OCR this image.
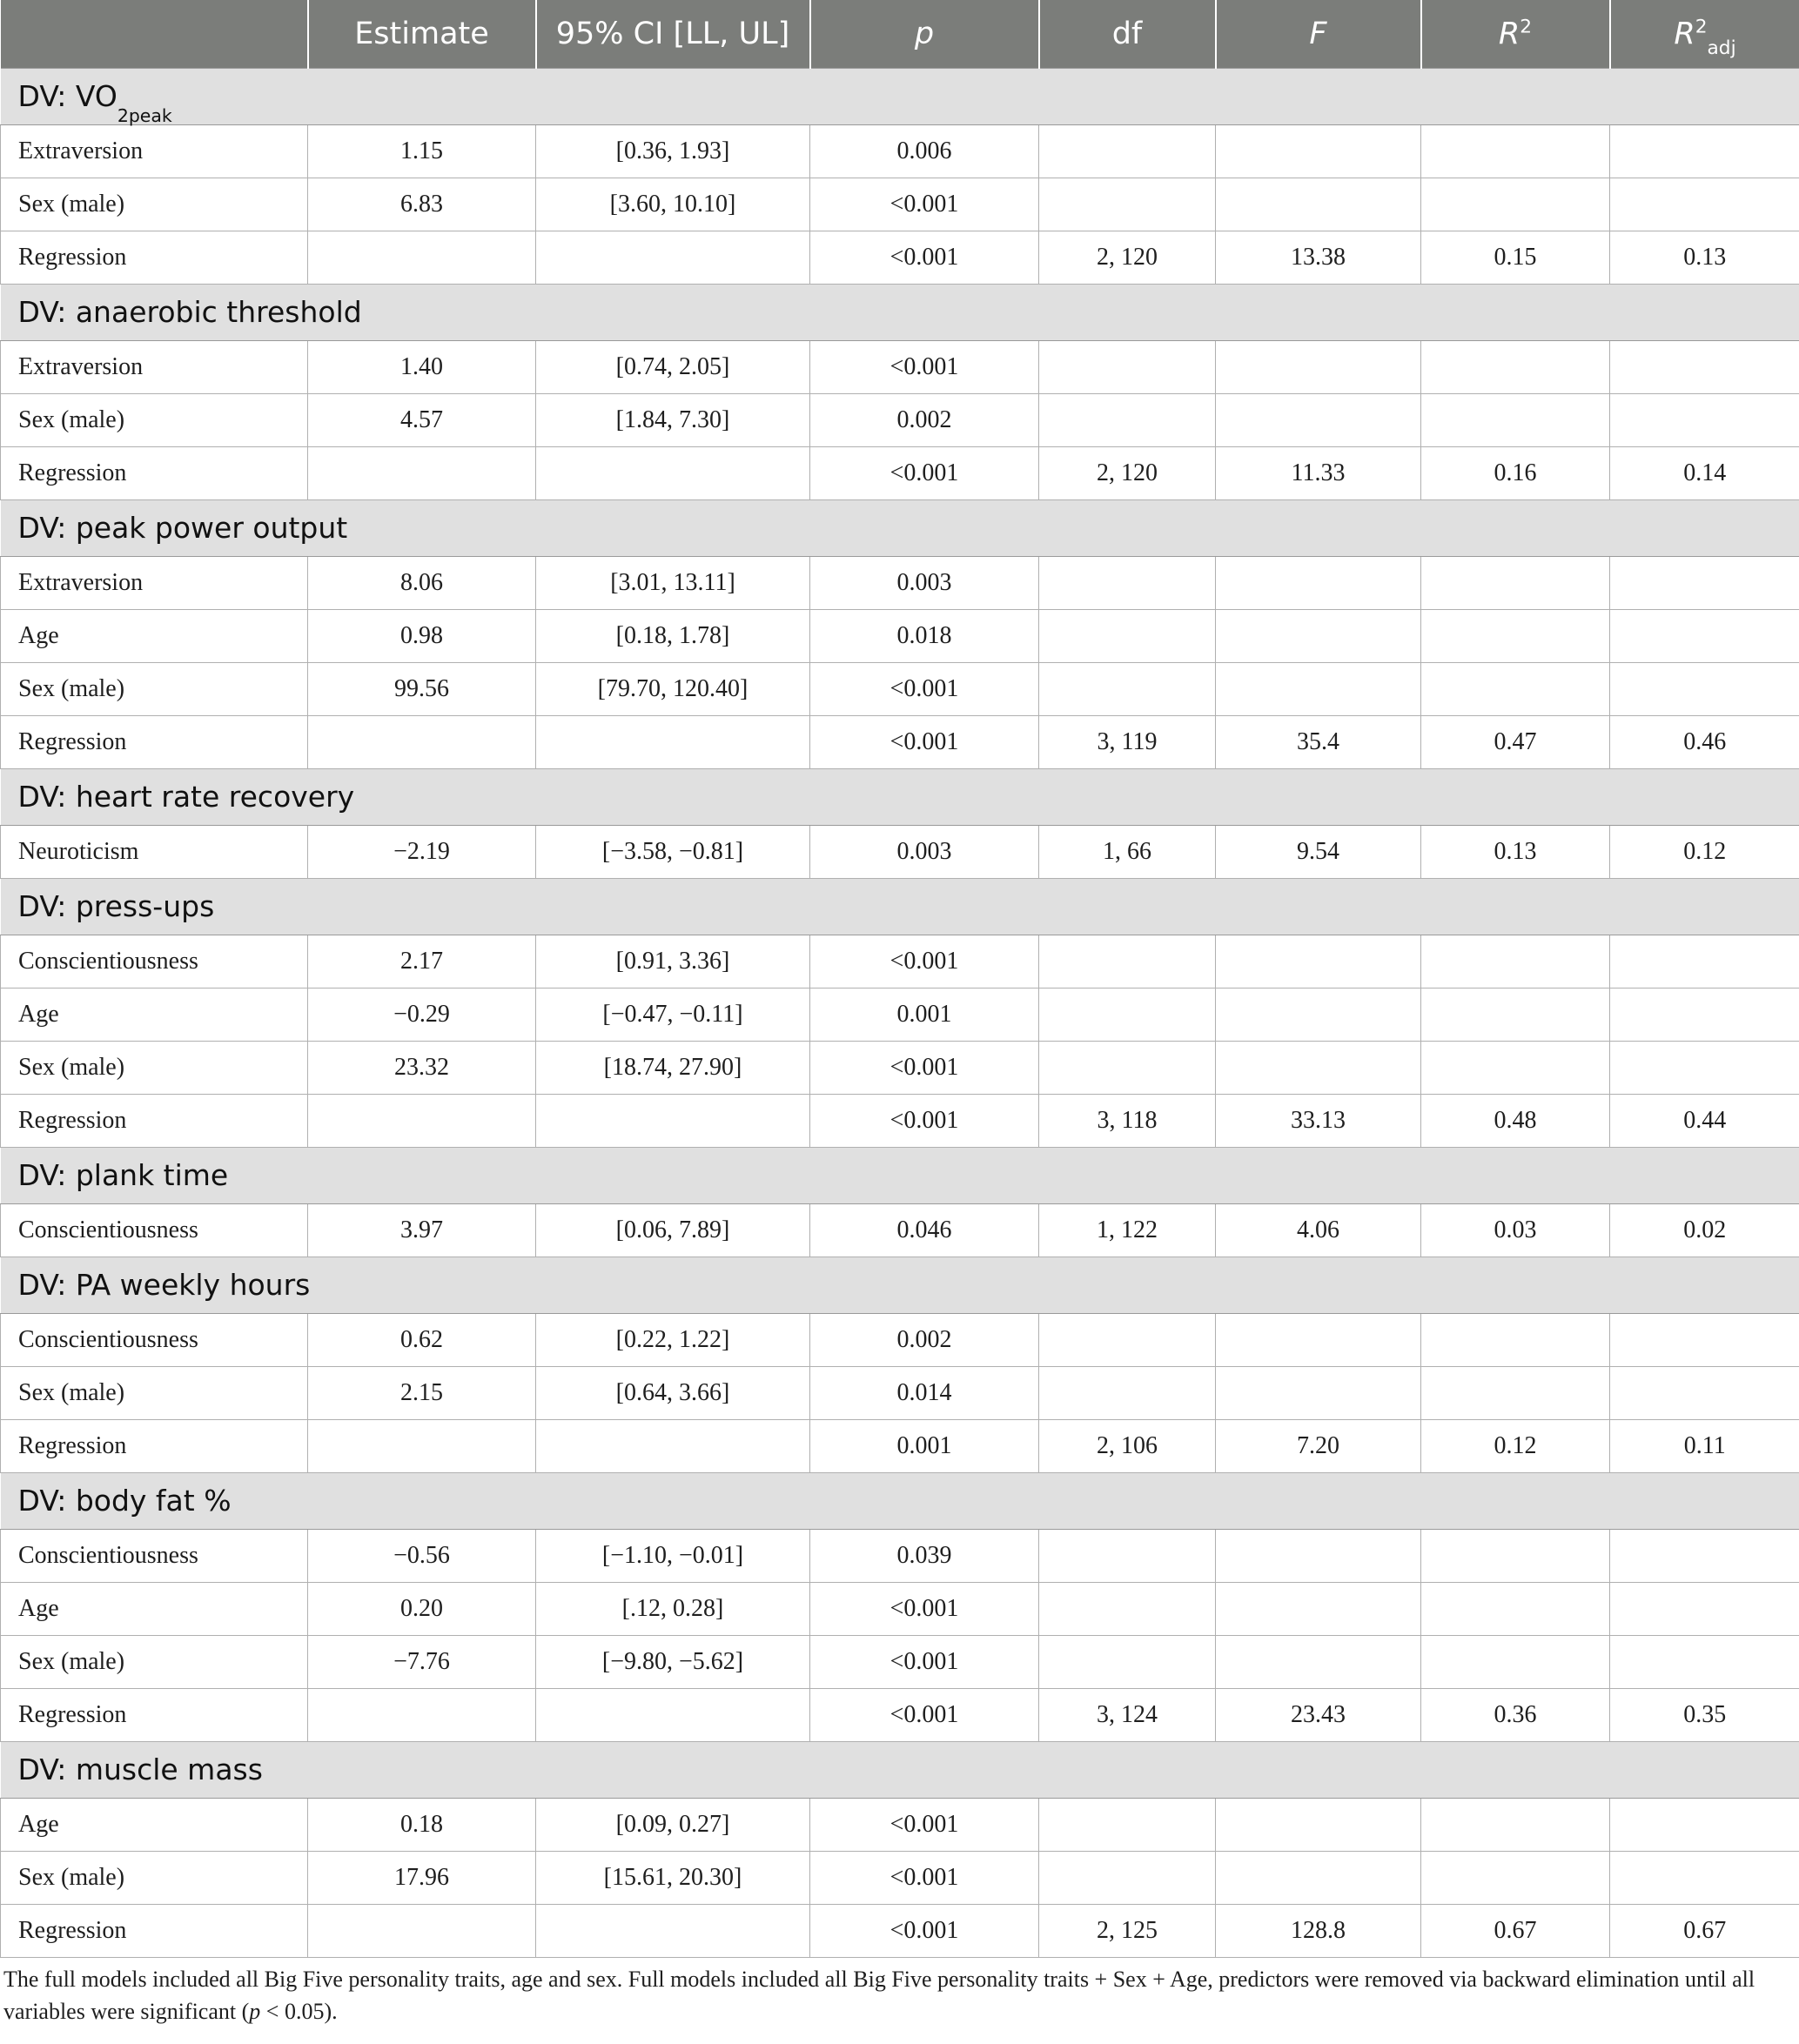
	Estimate	95% CI [LL, UL]	p	df	F	$R^2$	$R^2_{adj}$
DV: $VO_{2peak}$
Extraversion	1.15	[0.36, 1.93]	0.006				
Sex (male)	6.83	[3.60, 10.10]	<0.001				
Regression			<0.001	2, 120	13.38	0.15	0.13
DV: anaerobic threshold							
Extraversion	1.40	[0.74, 2.05]	<0.001				
Sex (male)	4.57	[1.84, 7.30]	0.002				
Regression			<0.001	2, 120	11.33	0.16	0.14
DV: peak power output							
Extraversion	8.06	[3.01, 13.11]	0.003				
Age	0.98	[0.18, 1.78]	0.018				
Sex (male)	99.56	[79.70, 120.40]	<0.001				
Regression			<0.001	3, 119	35.4	0.47	0.46
DV: heart rate recovery							
Neuroticism	−2.19	[−3.58, −0.81]	0.003	1, 66	9.54	0.13	0.12
DV: press-ups							
Conscientiousness	2.17	[0.91, 3.36]	<0.001				
Age	−0.29	[−0.47, −0.11]	0.001				
Sex (male)	23.32	[18.74, 27.90]	<0.001				
Regression			<0.001	3, 118	33.13	0.48	0.44
DV: plank time							
Conscientiousness	3.97	[0.06, 7.89]	0.046	1, 122	4.06	0.03	0.02
DV: PA weekly hours							
Conscientiousness	0.62	[0.22, 1.22]	0.002				
Sex (male)	2.15	[0.64, 3.66]	0.014				
Regression			0.001	2, 106	7.20	0.12	0.11
DV: body fat %							
Conscientiousness	−0.56	[−1.10, −0.01]	0.039				
Age	0.20	[.12, 0.28]	<0.001				
Sex (male)	−7.76	[−9.80, −5.62]	<0.001				
Regression			<0.001	3, 124	23.43	0.36	0.35
DV: muscle mass							
Age	0.18	[0.09, 0.27]	<0.001				
Sex (male)	17.96	[15.61, 20.30]	<0.001				
Regression			<0.001	2, 125	128.8	0.67	0.67
The full models included all Big Five personality traits, age and sex. Full models included all Big Five personality traits + Sex + Age, predictors were removed via backward elimination until all variables were significant (p < 0.05).
